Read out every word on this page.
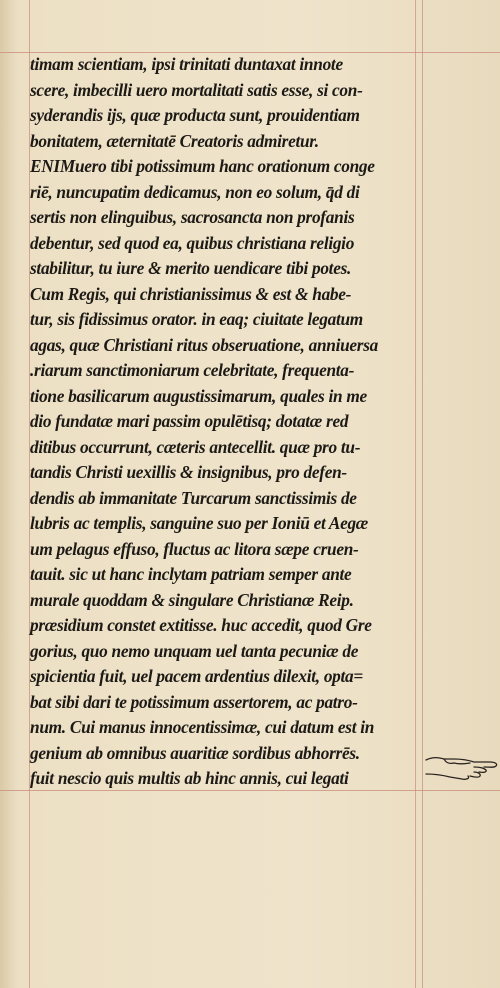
timam scientiam, ipsi trinitati duntaxat innote
scere, imbecilli uero mortalitati satis esse, si con-
syderandis ijs, quæ producta sunt, prouidentiam
bonitatem, æternitatē Creatoris admiretur.
ENIMuero tibi potissimum hanc orationum conge
riē, nuncupatim dedicamus, non eo solum, q̄d di
sertis non elinguibus, sacrosancta non profanis
debentur, sed quod ea, quibus christiana religio
stabilitur, tu iure & merito uendicare tibi potes.
Cum Regis, qui christianissimus & est & habe-
tur, sis fidissimus orator. in eaq; ciuitate legatum
agas, quæ Christiani ritus obseruatione, anniuersa
.riarum sanctimoniarum celebritate, frequenta-
tione basilicarum augustissimarum, quales in me
dio fundatæ mari passim opulētisq; dotatæ red
ditibus occurrunt, cæteris antecellit. quæ pro tu-
tandis Christi uexillis & insignibus, pro defen-
dendis ab immanitate Turcarum sanctissimis de
lubris ac templis, sanguine suo per Ioniū et Aegæ
um pelagus effuso, fluctus ac litora sæpe cruen-
tauit. sic ut hanc inclytam patriam semper ante
murale quoddam & singulare Christianæ Reip.
præsidium constet extitisse. huc accedit, quod Gre
gorius, quo nemo unquam uel tanta pecuniæ de
spicientia fuit, uel pacem ardentius dilexit, opta=
bat sibi dari te potissimum assertorem, ac patro-
num. Cui manus innocentissimæ, cui datum est in
genium ab omnibus auaritiæ sordibus abhorrēs.
fuit nescio quis multis ab hinc annis, cui legati
